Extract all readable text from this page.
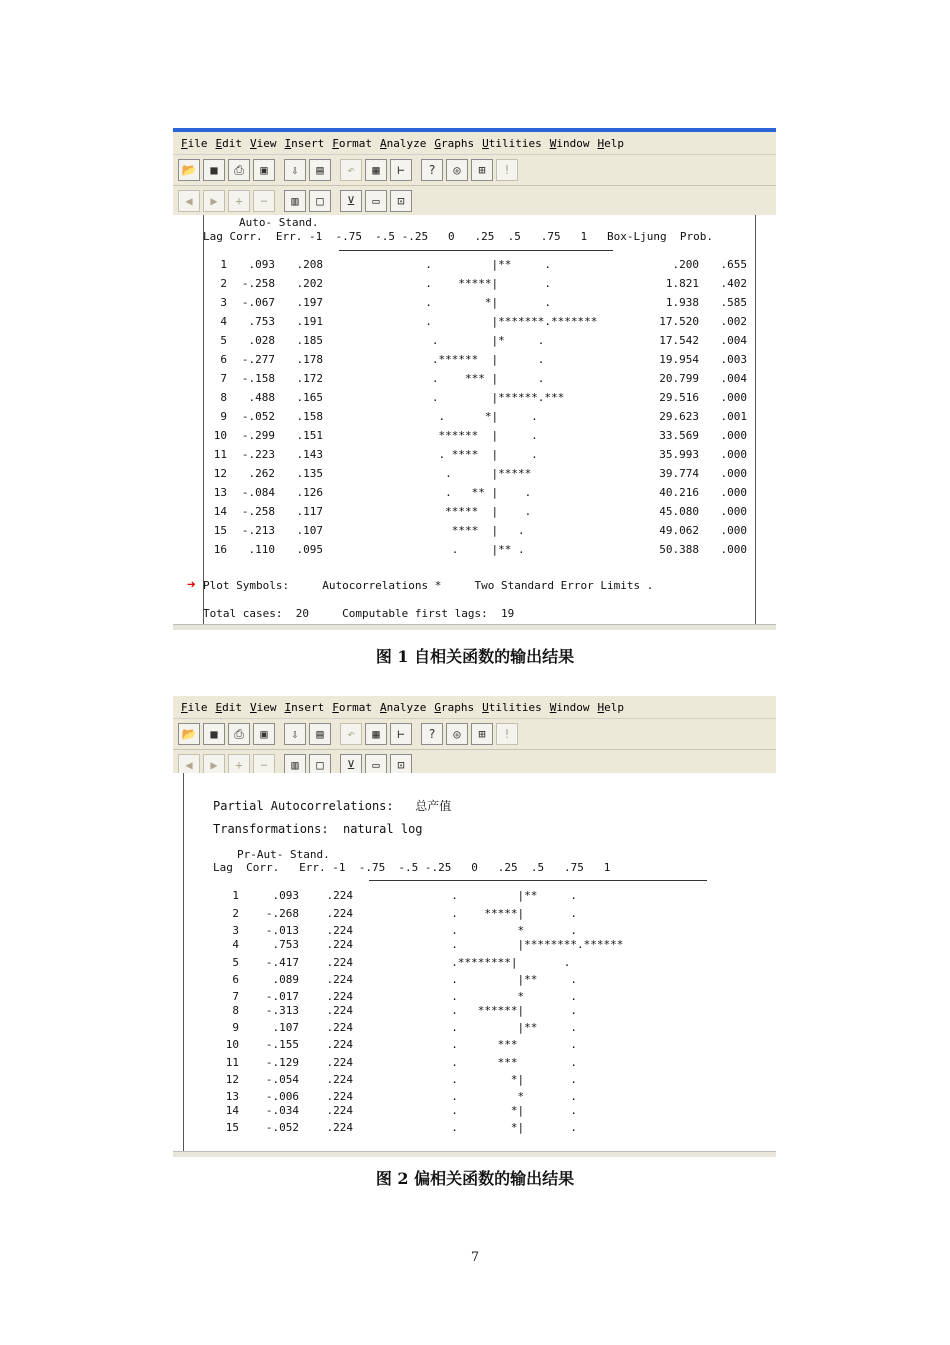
File Edit View Insert Format Analyze Graphs Utilities Window Help
📂 ■ ⎙ ▣ ⇩ ▤ ↶ ▦ ⊢ ? ◎ ⊞ !
◀ ▶ + − ▥ □ ⊻ ▭ ⊡
Auto- Stand.
Lag Corr.  Err. -1  -.75  -.5 -.25   0   .25  .5   .75   1   Box-Ljung  Prob.
1	.093	.208	.         |**     .	.200	.655
2	-.258	.202	.    *****|       .	1.821	.402
3	-.067	.197	.        *|       .	1.938	.585
4	.753	.191	.         |*******.*******	17.520	.002
5	.028	.185	.        |*     .	17.542	.004
6	-.277	.178	.******  |      .	19.954	.003
7	-.158	.172	.    *** |      .	20.799	.004
8	.488	.165	.        |******.***	29.516	.000
9	-.052	.158	.      *|     .	29.623	.001
10	-.299	.151	******  |     .	33.569	.000
11	-.223	.143	. ****  |     .	35.993	.000
12	.262	.135	.      |*****	39.774	.000
13	-.084	.126	.   ** |    .	40.216	.000
14	-.258	.117	*****  |    .	45.080	.000
15	-.213	.107	****  |   .	49.062	.000
16	.110	.095	.     |** .	50.388	.000
➜ Plot Symbols:     Autocorrelations *     Two Standard Error Limits .
Total cases:  20     Computable first lags:  19
图 1 自相关函数的输出结果
File Edit View Insert Format Analyze Graphs Utilities Window Help
📂 ■ ⎙ ▣ ⇩ ▤ ↶ ▦ ⊢ ? ◎ ⊞ !
◀ ▶ + − ▥ □ ⊻ ▭ ⊡
Partial Autocorrelations:   总产值
Transformations:  natural log
Pr-Aut- Stand.
Lag  Corr.   Err. -1  -.75  -.5 -.25   0   .25  .5   .75   1
1	.093	.224	.         |**     .
2	-.268	.224	.    *****|       .
3	-.013	.224	.         *       .
4	.753	.224	.         |********.******
5	-.417	.224	.********|       .
6	.089	.224	.         |**     .
7	-.017	.224	.         *       .
8	-.313	.224	.   ******|       .
9	.107	.224	.         |**     .
10	-.155	.224	.      ***        .
11	-.129	.224	.      ***        .
12	-.054	.224	.        *|       .
13	-.006	.224	.         *       .
14	-.034	.224	.        *|       .
15	-.052	.224	.        *|       .
图 2 偏相关函数的输出结果
7
